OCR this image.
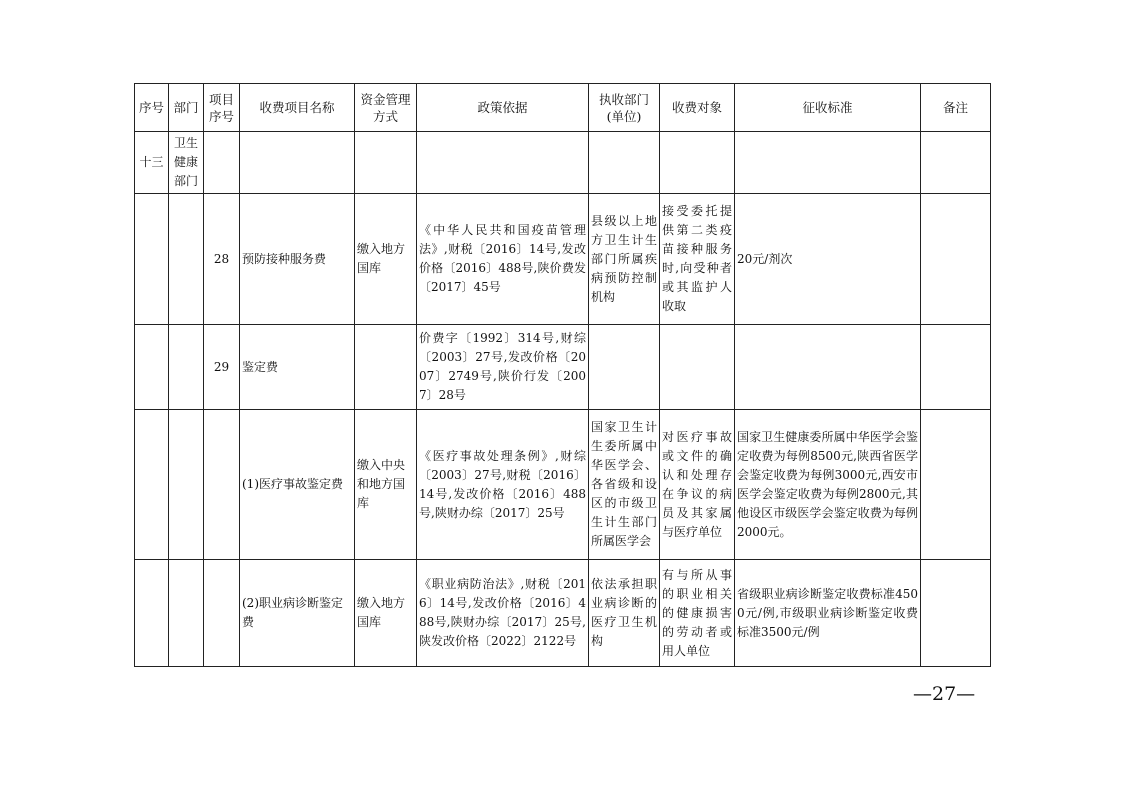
序号	部门	项目序号	收费项目名称	资金管理方式	政策依据	执收部门(单位)	收费对象	征收标准	备注
十三	卫生健康部门								
		28	预防接种服务费	缴入地方国库	《中华人民共和国疫苗管理法》,财税〔2016〕14号,发改价格〔2016〕488号,陕价费发〔2017〕45号	县级以上地方卫生计生部门所属疾病预防控制机构	接受委托提供第二类疫苗接种服务时,向受种者或其监护人收取	20元/剂次	
		29	鉴定费		价费字〔1992〕314号,财综〔2003〕27号,发改价格〔2007〕2749号,陕价行发〔2007〕28号				
			(1)医疗事故鉴定费	缴入中央和地方国库	《医疗事故处理条例》,财综〔2003〕27号,财税〔2016〕14号,发改价格〔2016〕488号,陕财办综〔2017〕25号	国家卫生计生委所属中华医学会、各省级和设区的市级卫生计生部门所属医学会	对医疗事故或文件的确认和处理存在争议的病员及其家属与医疗单位	国家卫生健康委所属中华医学会鉴定收费为每例8500元,陕西省医学会鉴定收费为每例3000元,西安市医学会鉴定收费为每例2800元,其他设区市级医学会鉴定收费为每例2000元。	
			(2)职业病诊断鉴定费	缴入地方国库	《职业病防治法》,财税〔2016〕14号,发改价格〔2016〕488号,陕财办综〔2017〕25号,陕发改价格〔2022〕2122号	依法承担职业病诊断的医疗卫生机构	有与所从事的职业相关的健康损害的劳动者或用人单位	省级职业病诊断鉴定收费标准4500元/例,市级职业病诊断鉴定收费标准3500元/例	
—27—
